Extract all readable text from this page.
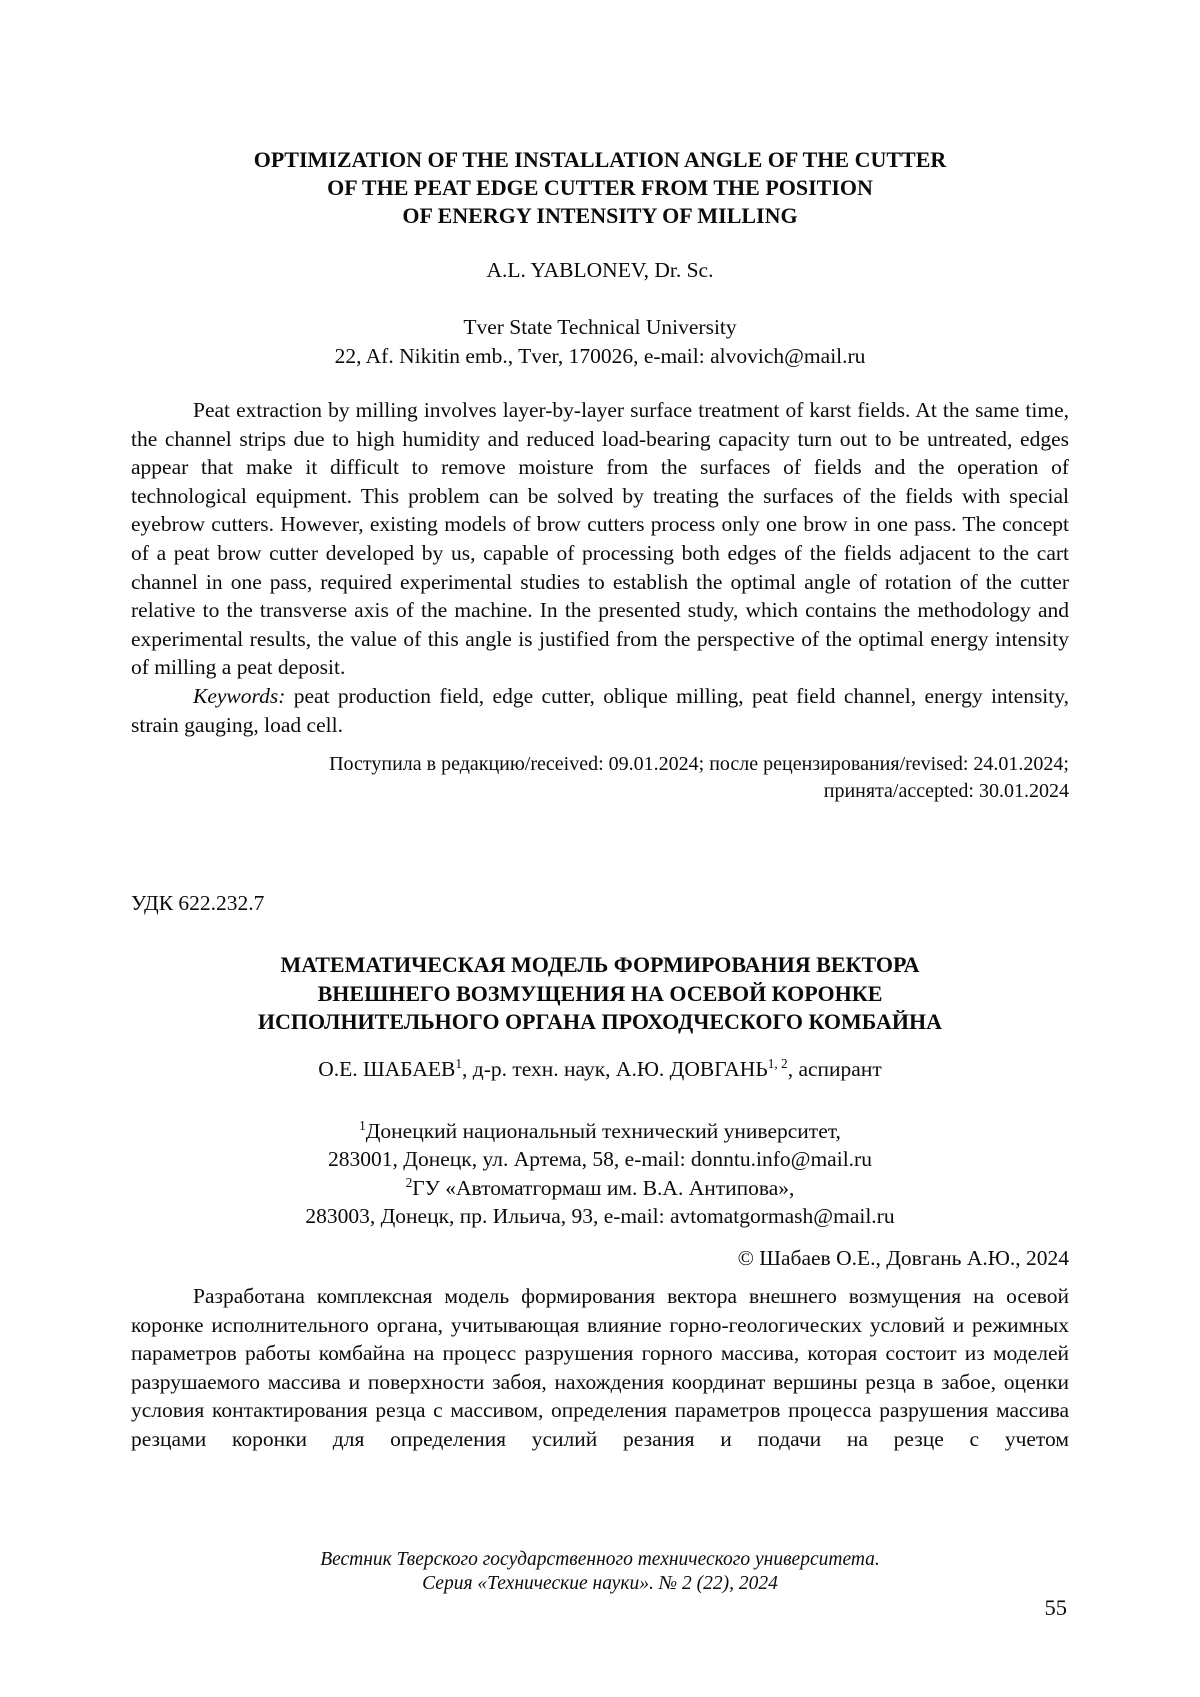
OPTIMIZATION OF THE INSTALLATION ANGLE OF THE CUTTER
OF THE PEAT EDGE CUTTER FROM THE POSITION
OF ENERGY INTENSITY OF MILLING
A.L. YABLONEV, Dr. Sc.
Tver State Technical University
22, Af. Nikitin emb., Tver, 170026, e-mail: alvovich@mail.ru

Peat extraction by milling involves layer-by-layer surface treatment of karst fields. At the same time, the channel strips due to high humidity and reduced load-bearing capacity turn out to be untreated, edges appear that make it difficult to remove moisture from the surfaces of fields and the operation of technological equipment. This problem can be solved by treating the surfaces of the fields with special eyebrow cutters. However, existing models of brow cutters process only one brow in one pass. The concept of a peat brow cutter developed by us, capable of processing both edges of the fields adjacent to the cart channel in one pass, required experimental studies to establish the optimal angle of rotation of the cutter relative to the transverse axis of the machine. In the presented study, which contains the methodology and experimental results, the value of this angle is justified from the perspective of the optimal energy intensity of milling a peat deposit.

Keywords: peat production field, edge cutter, oblique milling, peat field channel, energy intensity, strain gauging, load cell.

Поступила в редакцию/received: 09.01.2024; после рецензирования/revised: 24.01.2024;
принята/accepted: 30.01.2024
УДК 622.232.7
МАТЕМАТИЧЕСКАЯ МОДЕЛЬ ФОРМИРОВАНИЯ ВЕКТОРА
ВНЕШНЕГО ВОЗМУЩЕНИЯ НА ОСЕВОЙ КОРОНКЕ
ИСПОЛНИТЕЛЬНОГО ОРГАНА ПРОХОДЧЕСКОГО КОМБАЙНА
О.Е. ШАБАЕВ$^1$, д-р. техн. наук, А.Ю. ДОВГАНЬ$^{1, 2}$, аспирант
$^1$Донецкий национальный технический университет,
283001, Донецк, ул. Артема, 58, e-mail: donntu.info@mail.ru
$^2$ГУ «Автоматгормаш им. В.А. Антипова»,
283003, Донецк, пр. Ильича, 93, e-mail: avtomatgormash@mail.ru
© Шабаев О.Е., Довгань А.Ю., 2024

Разработана комплексная модель формирования вектора внешнего возмущения на осевой коронке исполнительного органа, учитывающая влияние горно-геологических условий и режимных параметров работы комбайна на процесс разрушения горного массива, которая состоит из моделей разрушаемого массива и поверхности забоя, нахождения координат вершины резца в забое, оценки условия контактирования резца с массивом, определения параметров процесса разрушения массива резцами коронки для определения усилий резания и подачи на резце с учетом

Вестник Тверского государственного технического университета.
Серия «Технические науки». № 2 (22), 2024
55
